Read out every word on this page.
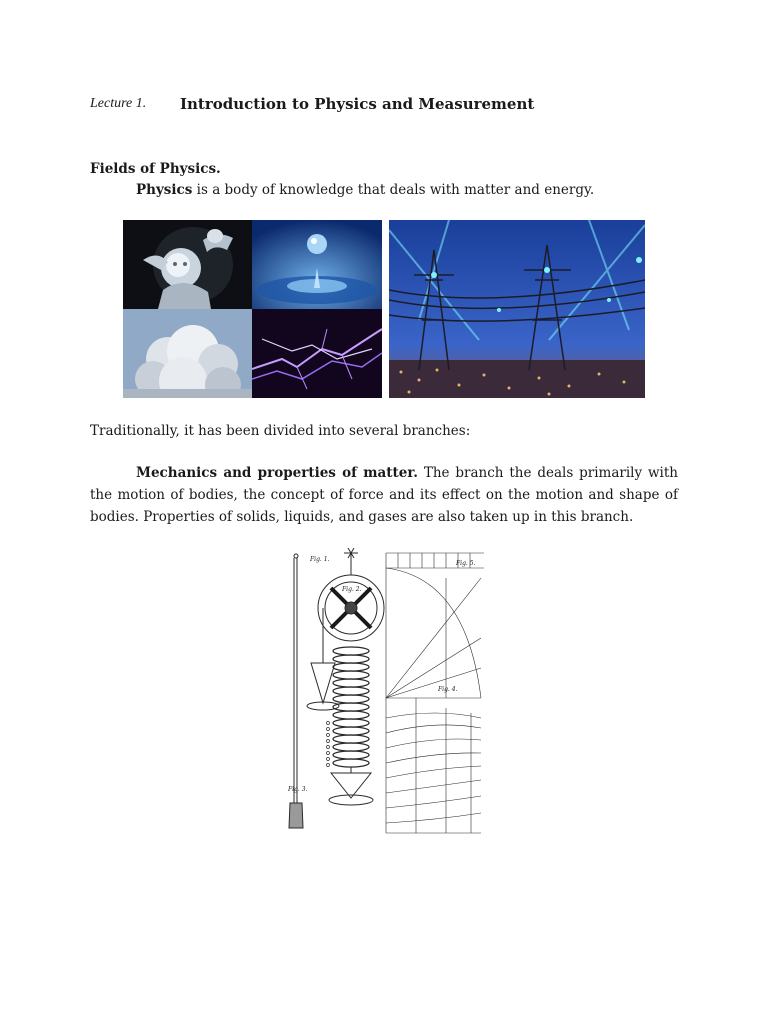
Lecture 1. Introduction to Physics and Measurement
Fields of Physics.
Physics is a body of knowledge that deals with matter and energy.
Traditionally, it has been divided into several branches:
Mechanics and properties of matter. The branch the deals primarily with the motion of bodies, the concept of force and its effect on the motion and shape of bodies. Properties of solids, liquids, and gases are also taken up in this branch.
Fig. 1.
Fig. 2.
Fig. 3.
Fig. 4.
Fig. 5.
